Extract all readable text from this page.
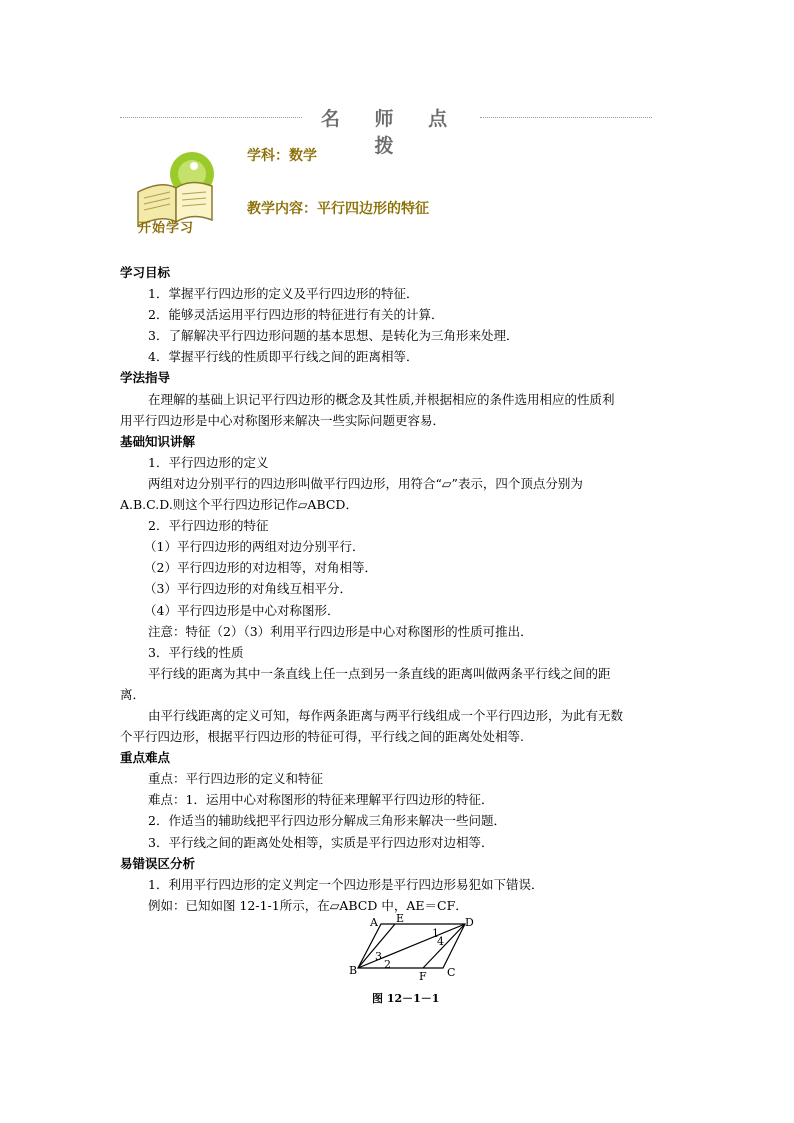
名 师 点 拨
开始学习
学科：数学
教学内容：平行四边形的特征

学习目标

1．掌握平行四边形的定义及平行四边形的特征．

2．能够灵活运用平行四边形的特征进行有关的计算．

3．了解解决平行四边形问题的基本思想、是转化为三角形来处理．

4．掌握平行线的性质即平行线之间的距离相等．

学法指导

在理解的基础上识记平行四边形的概念及其性质,并根据相应的条件选用相应的性质利

用平行四边形是中心对称图形来解决一些实际问题更容易．

基础知识讲解

1．平行四边形的定义

两组对边分别平行的四边形叫做平行四边形，用符合“▱”表示，四个顶点分别为

A.B.C.D.则这个平行四边形记作▱ABCD．

2．平行四边形的特征

（1）平行四边形的两组对边分别平行．

（2）平行四边形的对边相等，对角相等．

（3）平行四边形的对角线互相平分．

（4）平行四边形是中心对称图形．

注意：特征（2）（3）利用平行四边形是中心对称图形的性质可推出．

3．平行线的性质

平行线的距离为其中一条直线上任一点到另一条直线的距离叫做两条平行线之间的距

离．

由平行线距离的定义可知，每作两条距离与两平行线组成一个平行四边形，为此有无数

个平行四边形，根据平行四边形的特征可得，平行线之间的距离处处相等.

重点难点

重点：平行四边形的定义和特征

难点：1．运用中心对称图形的特征来理解平行四边形的特征．

2．作适当的辅助线把平行四边形分解成三角形来解决一些问题．

3．平行线之间的距离处处相等，实质是平行四边形对边相等．

易错误区分析

1．利用平行四边形的定义判定一个四边形是平行四边形易犯如下错误．

例如：已知如图 12-1-1所示，在▱ABCD 中，AE＝CF．

A E	D
B	F C
1
2
3
4
图 12－1－1
